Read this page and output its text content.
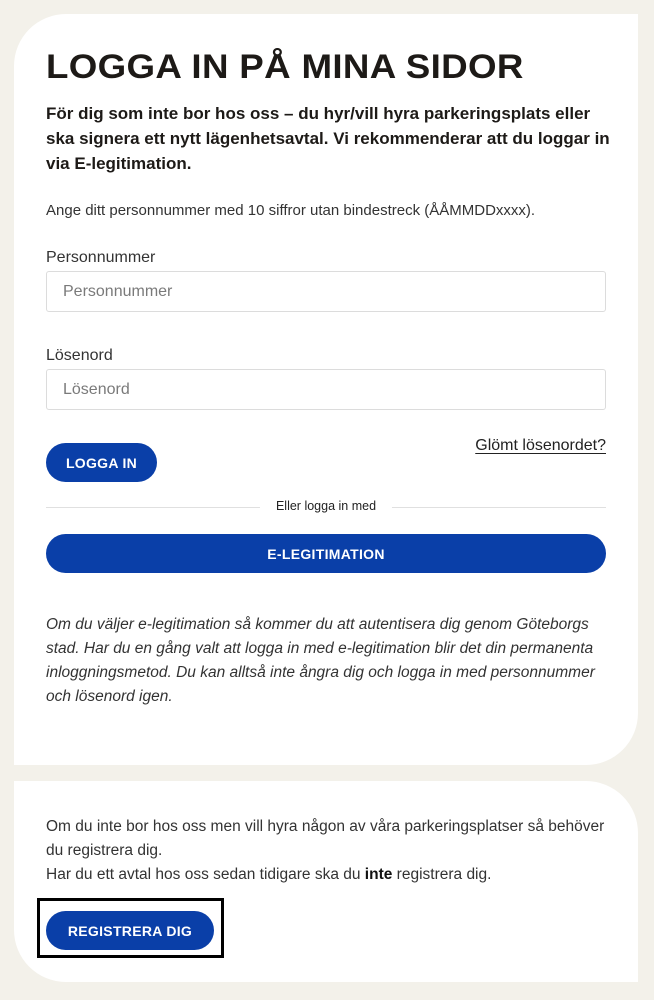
LOGGA IN PÅ MINA SIDOR

För dig som inte bor hos oss – du hyr/vill hyra parkeringsplats eller ska signera ett nytt lägenhetsavtal. Vi rekommenderar att du loggar in via E-legitimation.

Ange ditt personnummer med 10 siffror utan bindestreck (ÅÅMMDDxxxx).

Personnummer
Personnummer
Lösenord
LOGGA IN
Glömt lösenordet?
Eller logga in med
E-LEGITIMATION

Om du väljer e-legitimation så kommer du att autentisera dig genom Göteborgs stad. Har du en gång valt att logga in med e-legitimation blir det din permanenta inloggningsmetod. Du kan alltså inte ångra dig och logga in med personnummer och lösenord igen.

Om du inte bor hos oss men vill hyra någon av våra parkeringsplatser så behöver du registrera dig.
Har du ett avtal hos oss sedan tidigare ska du inte registrera dig.
REGISTRERA DIG
